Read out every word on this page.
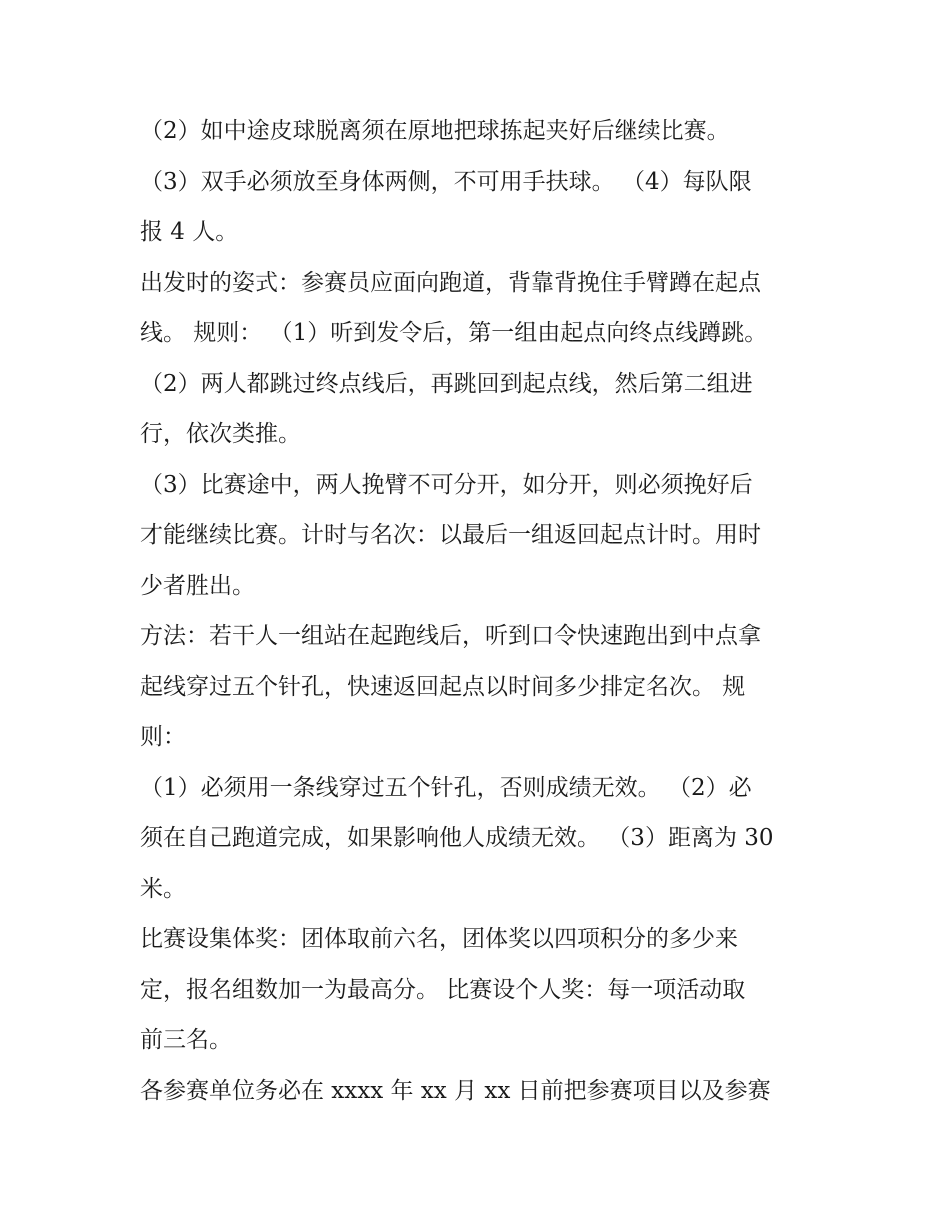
（2）如中途皮球脱离须在原地把球拣起夹好后继续比赛。
（3）双手必须放至身体两侧，不可用手扶球。 （4）每队限
报 4 人。
出发时的姿式：参赛员应面向跑道，背靠背挽住手臂蹲在起点
线。 规则： （1）听到发令后，第一组由起点向终点线蹲跳。
（2）两人都跳过终点线后，再跳回到起点线，然后第二组进
行，依次类推。
（3）比赛途中，两人挽臂不可分开，如分开，则必须挽好后
才能继续比赛。计时与名次：以最后一组返回起点计时。用时
少者胜出。
方法：若干人一组站在起跑线后，听到口令快速跑出到中点拿
起线穿过五个针孔，快速返回起点以时间多少排定名次。 规
则：
（1）必须用一条线穿过五个针孔，否则成绩无效。 （2）必
须在自己跑道完成，如果影响他人成绩无效。 （3）距离为 30
米。
比赛设集体奖：团体取前六名，团体奖以四项积分的多少来
定，报名组数加一为最高分。 比赛设个人奖：每一项活动取
前三名。
各参赛单位务必在 xxxx 年 xx 月 xx 日前把参赛项目以及参赛
